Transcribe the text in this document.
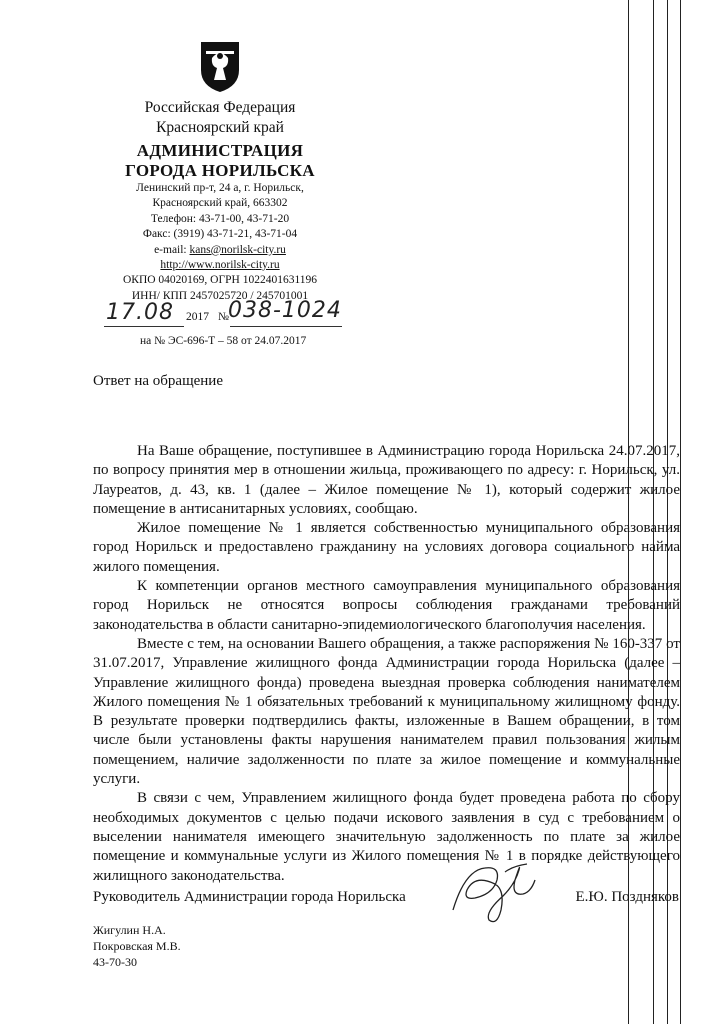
Российская Федерация
Красноярский край
АДМИНИСТРАЦИЯ
ГОРОДА НОРИЛЬСКА
Ленинский пр-т, 24 а, г. Норильск,
Красноярский край, 663302
Телефон: 43-71-00, 43-71-20
Факс: (3919) 43-71-21, 43-71-04
e-mail: kans@norilsk-city.ru
http://www.norilsk-city.ru
ОКПО 04020169, ОГРН 1022401631196
ИНН/ КПП 2457025720 / 245701001
17.08 2017 № 038-1024
на № ЭС-696-Т – 58 от 24.07.2017
Ответ на обращение

На Ваше обращение, поступившее в Администрацию города Норильска 24.07.2017, по вопросу принятия мер в отношении жильца, проживающего по адресу: г. Норильск, ул. Лауреатов, д. 43, кв. 1 (далее – Жилое помещение № 1), который содержит жилое помещение в антисанитарных условиях, сообщаю.

Жилое помещение № 1 является собственностью муниципального образования город Норильск и предоставлено гражданину на условиях договора социального найма жилого помещения.

К компетенции органов местного самоуправления муниципального образования город Норильск не относятся вопросы соблюдения гражданами требований законодательства в области санитарно-эпидемиологического благополучия населения.

Вместе с тем, на основании Вашего обращения, а также распоряжения № 160-337 от 31.07.2017, Управление жилищного фонда Администрации города Норильска (далее – Управление жилищного фонда) проведена выездная проверка соблюдения нанимателем Жилого помещения № 1 обязательных требований к муниципальному жилищному фонду. В результате проверки подтвердились факты, изложенные в Вашем обращении, в том числе были установлены факты нарушения нанимателем правил пользования жилым помещением, наличие задолженности по плате за жилое помещение и коммунальные услуги.

В связи с чем, Управлением жилищного фонда будет проведена работа по сбору необходимых документов с целью подачи искового заявления в суд с требованием о выселении нанимателя имеющего значительную задолженность по плате за жилое помещение и коммунальные услуги из Жилого помещения № 1 в порядке действующего жилищного законодательства.

Руководитель Администрации города Норильска	Е.Ю. Поздняков
Жигулин Н.А.
Покровская М.В.
43-70-30
